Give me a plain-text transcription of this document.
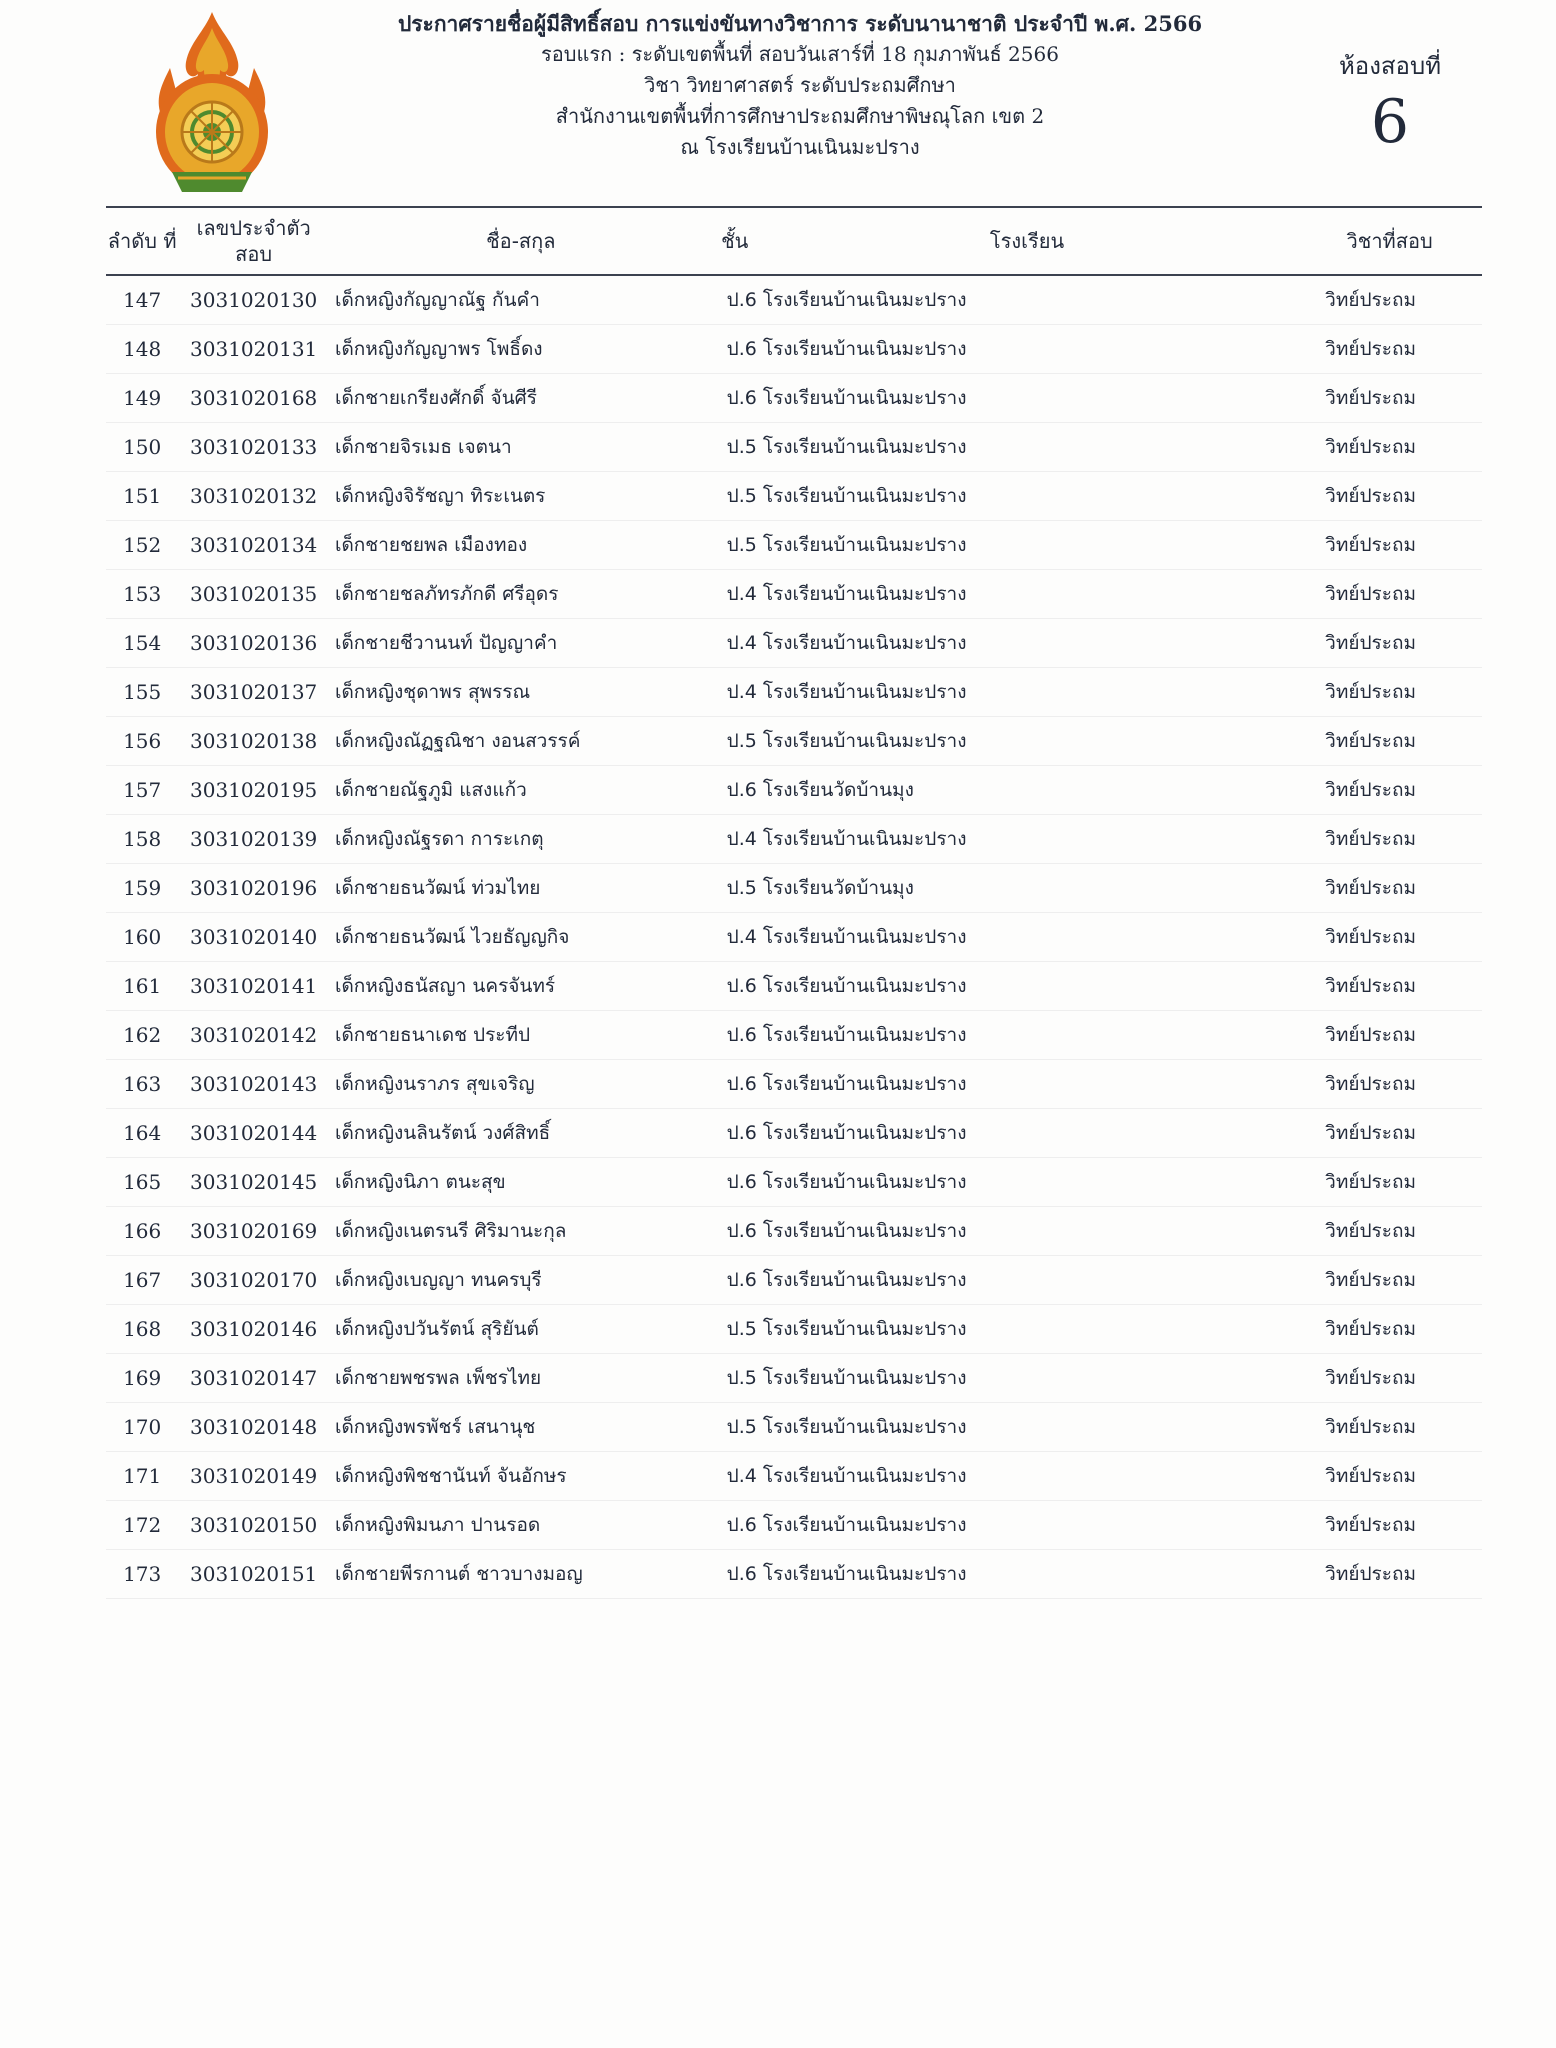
ประกาศรายชื่อผู้มีสิทธิ์สอบ การแข่งขันทางวิชาการ ระดับนานาชาติ ประจำปี พ.ศ. 2566
รอบแรก : ระดับเขตพื้นที่ สอบวันเสาร์ที่ 18 กุมภาพันธ์ 2566
วิชา วิทยาศาสตร์ ระดับประถมศึกษา
สำนักงานเขตพื้นที่การศึกษาประถมศึกษาพิษณุโลก เขต 2
ณ โรงเรียนบ้านเนินมะปราง
ห้องสอบที่
6
ลำดับ ที่	เลขประจำตัว สอบ	ชื่อ-สกุล	ชั้น	โรงเรียน	วิชาที่สอบ
147	3031020130	เด็กหญิงกัญญาณัฐ กันคำ	ป.6	โรงเรียนบ้านเนินมะปราง	วิทย์ประถม
148	3031020131	เด็กหญิงกัญญาพร โพธิ์ดง	ป.6	โรงเรียนบ้านเนินมะปราง	วิทย์ประถม
149	3031020168	เด็กชายเกรียงศักดิ์ จันศีรี	ป.6	โรงเรียนบ้านเนินมะปราง	วิทย์ประถม
150	3031020133	เด็กชายจิรเมธ เจตนา	ป.5	โรงเรียนบ้านเนินมะปราง	วิทย์ประถม
151	3031020132	เด็กหญิงจิรัชญา ทิระเนตร	ป.5	โรงเรียนบ้านเนินมะปราง	วิทย์ประถม
152	3031020134	เด็กชายชยพล เมืองทอง	ป.5	โรงเรียนบ้านเนินมะปราง	วิทย์ประถม
153	3031020135	เด็กชายชลภัทรภักดี ศรีอุดร	ป.4	โรงเรียนบ้านเนินมะปราง	วิทย์ประถม
154	3031020136	เด็กชายชีวานนท์ ปัญญาคำ	ป.4	โรงเรียนบ้านเนินมะปราง	วิทย์ประถม
155	3031020137	เด็กหญิงชุดาพร สุพรรณ	ป.4	โรงเรียนบ้านเนินมะปราง	วิทย์ประถม
156	3031020138	เด็กหญิงณัฏฐณิชา งอนสวรรค์	ป.5	โรงเรียนบ้านเนินมะปราง	วิทย์ประถม
157	3031020195	เด็กชายณัฐภูมิ แสงแก้ว	ป.6	โรงเรียนวัดบ้านมุง	วิทย์ประถม
158	3031020139	เด็กหญิงณัฐรดา การะเกตุ	ป.4	โรงเรียนบ้านเนินมะปราง	วิทย์ประถม
159	3031020196	เด็กชายธนวัฒน์ ท่วมไทย	ป.5	โรงเรียนวัดบ้านมุง	วิทย์ประถม
160	3031020140	เด็กชายธนวัฒน์ ไวยธัญญกิจ	ป.4	โรงเรียนบ้านเนินมะปราง	วิทย์ประถม
161	3031020141	เด็กหญิงธนัสญา นครจันทร์	ป.6	โรงเรียนบ้านเนินมะปราง	วิทย์ประถม
162	3031020142	เด็กชายธนาเดช ประทีป	ป.6	โรงเรียนบ้านเนินมะปราง	วิทย์ประถม
163	3031020143	เด็กหญิงนราภร สุขเจริญ	ป.6	โรงเรียนบ้านเนินมะปราง	วิทย์ประถม
164	3031020144	เด็กหญิงนลินรัตน์ วงศ์สิทธิ์	ป.6	โรงเรียนบ้านเนินมะปราง	วิทย์ประถม
165	3031020145	เด็กหญิงนิภา ตนะสุข	ป.6	โรงเรียนบ้านเนินมะปราง	วิทย์ประถม
166	3031020169	เด็กหญิงเนตรนรี ศิริมานะกุล	ป.6	โรงเรียนบ้านเนินมะปราง	วิทย์ประถม
167	3031020170	เด็กหญิงเบญญา ทนครบุรี	ป.6	โรงเรียนบ้านเนินมะปราง	วิทย์ประถม
168	3031020146	เด็กหญิงปวันรัตน์ สุริยันต์	ป.5	โรงเรียนบ้านเนินมะปราง	วิทย์ประถม
169	3031020147	เด็กชายพชรพล เพ็ชรไทย	ป.5	โรงเรียนบ้านเนินมะปราง	วิทย์ประถม
170	3031020148	เด็กหญิงพรพัชร์ เสนานุช	ป.5	โรงเรียนบ้านเนินมะปราง	วิทย์ประถม
171	3031020149	เด็กหญิงพิชชานันท์ จันอักษร	ป.4	โรงเรียนบ้านเนินมะปราง	วิทย์ประถม
172	3031020150	เด็กหญิงพิมนภา ปานรอด	ป.6	โรงเรียนบ้านเนินมะปราง	วิทย์ประถม
173	3031020151	เด็กชายพีรกานต์ ชาวบางมอญ	ป.6	โรงเรียนบ้านเนินมะปราง	วิทย์ประถม
